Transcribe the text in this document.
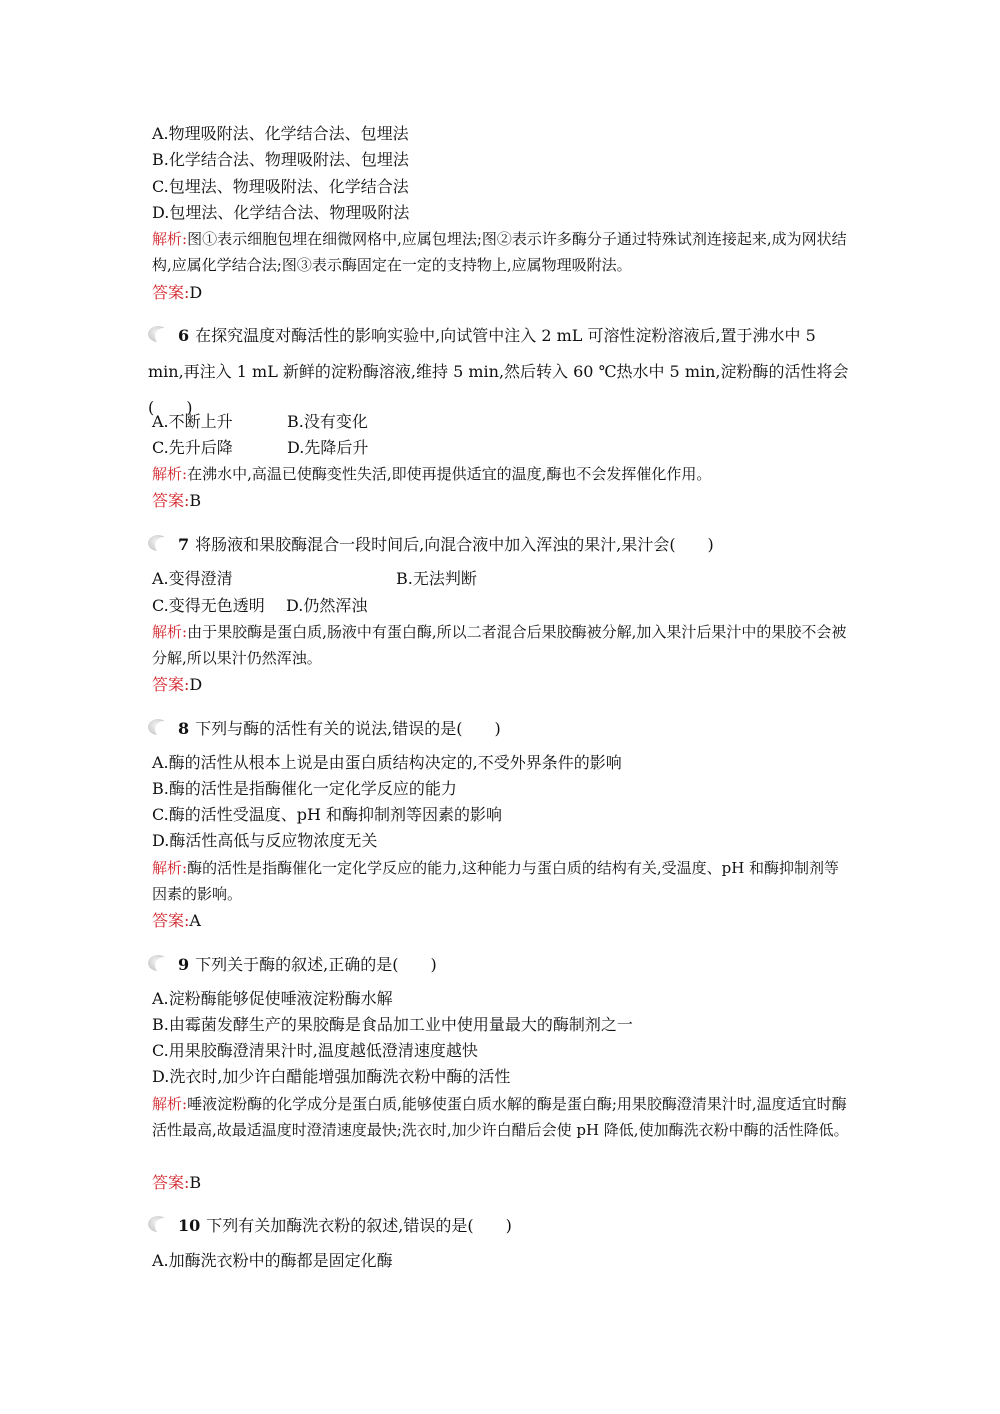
A.物理吸附法、化学结合法、包埋法
B.化学结合法、物理吸附法、包埋法
C.包埋法、物理吸附法、化学结合法
D.包埋法、化学结合法、物理吸附法
解析:图①表示细胞包埋在细微网格中,应属包埋法;图②表示许多酶分子通过特殊试剂连接起来,成为网状结构,应属化学结合法;图③表示酶固定在一定的支持物上,应属物理吸附法。
答案:D
6 在探究温度对酶活性的影响实验中,向试管中注入 2 mL 可溶性淀粉溶液后,置于沸水中 5 min,再注入 1 mL 新鲜的淀粉酶溶液,维持 5 min,然后转入 60 ℃热水中 5 min,淀粉酶的活性将会(　　)
A.不断上升	B.没有变化
C.先升后降	D.先降后升
解析:在沸水中,高温已使酶变性失活,即使再提供适宜的温度,酶也不会发挥催化作用。
答案:B
7 将肠液和果胶酶混合一段时间后,向混合液中加入浑浊的果汁,果汁会(　　)
A.变得澄清	B.无法判断
C.变得无色透明	D.仍然浑浊
解析:由于果胶酶是蛋白质,肠液中有蛋白酶,所以二者混合后果胶酶被分解,加入果汁后果汁中的果胶不会被分解,所以果汁仍然浑浊。
答案:D
8 下列与酶的活性有关的说法,错误的是(　　)
A.酶的活性从根本上说是由蛋白质结构决定的,不受外界条件的影响
B.酶的活性是指酶催化一定化学反应的能力
C.酶的活性受温度、pH 和酶抑制剂等因素的影响
D.酶活性高低与反应物浓度无关
解析:酶的活性是指酶催化一定化学反应的能力,这种能力与蛋白质的结构有关,受温度、pH 和酶抑制剂等因素的影响。
答案:A
9 下列关于酶的叙述,正确的是(　　)
A.淀粉酶能够促使唾液淀粉酶水解
B.由霉菌发酵生产的果胶酶是食品加工业中使用量最大的酶制剂之一
C.用果胶酶澄清果汁时,温度越低澄清速度越快
D.洗衣时,加少许白醋能增强加酶洗衣粉中酶的活性
解析:唾液淀粉酶的化学成分是蛋白质,能够使蛋白质水解的酶是蛋白酶;用果胶酶澄清果汁时,温度适宜时酶活性最高,故最适温度时澄清速度最快;洗衣时,加少许白醋后会使 pH 降低,使加酶洗衣粉中酶的活性降低。
答案:B
10 下列有关加酶洗衣粉的叙述,错误的是(　　)
A.加酶洗衣粉中的酶都是固定化酶
